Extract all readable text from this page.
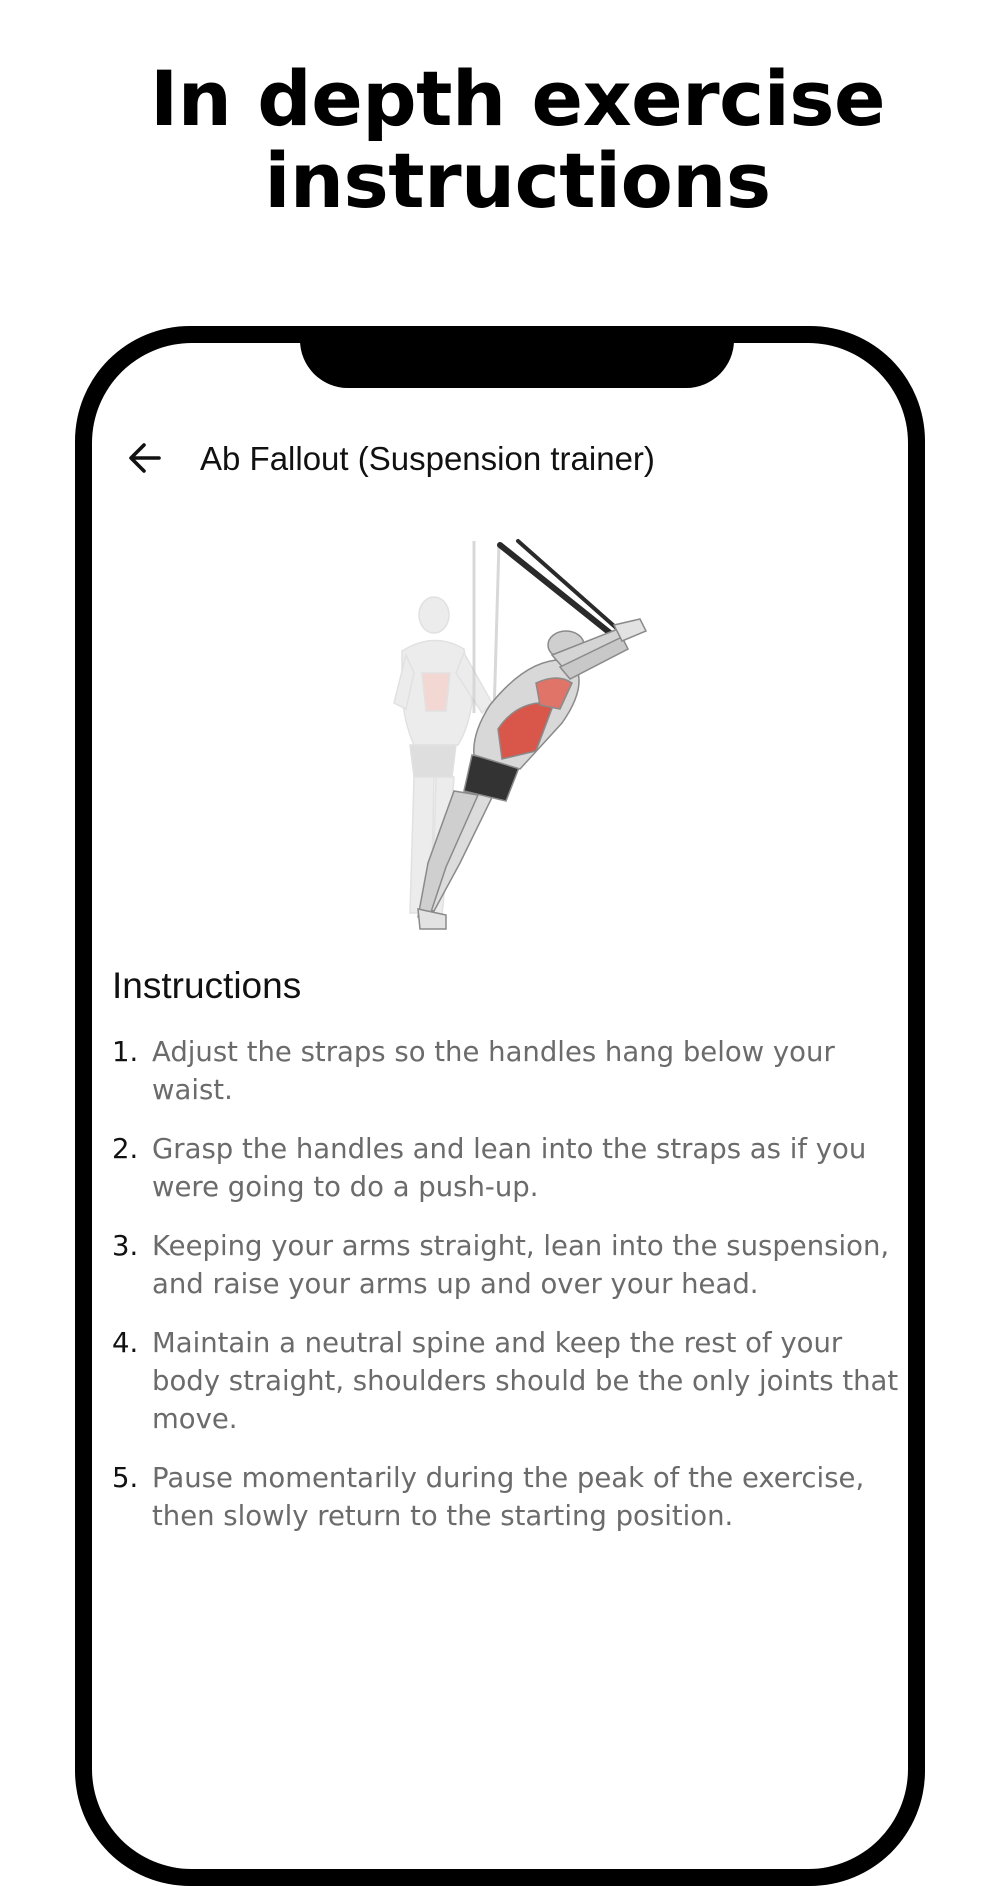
In depth exercise
instructions
Ab Fallout (Suspension trainer)
Instructions
1. Adjust the straps so the handles hang below your waist.
2. Grasp the handles and lean into the straps as if you were going to do a push-up.
3. Keeping your arms straight, lean into the suspension, and raise your arms up and over your head.
4. Maintain a neutral spine and keep the rest of your body straight, shoulders should be the only joints that move.
5. Pause momentarily during the peak of the exercise, then slowly return to the starting position.
